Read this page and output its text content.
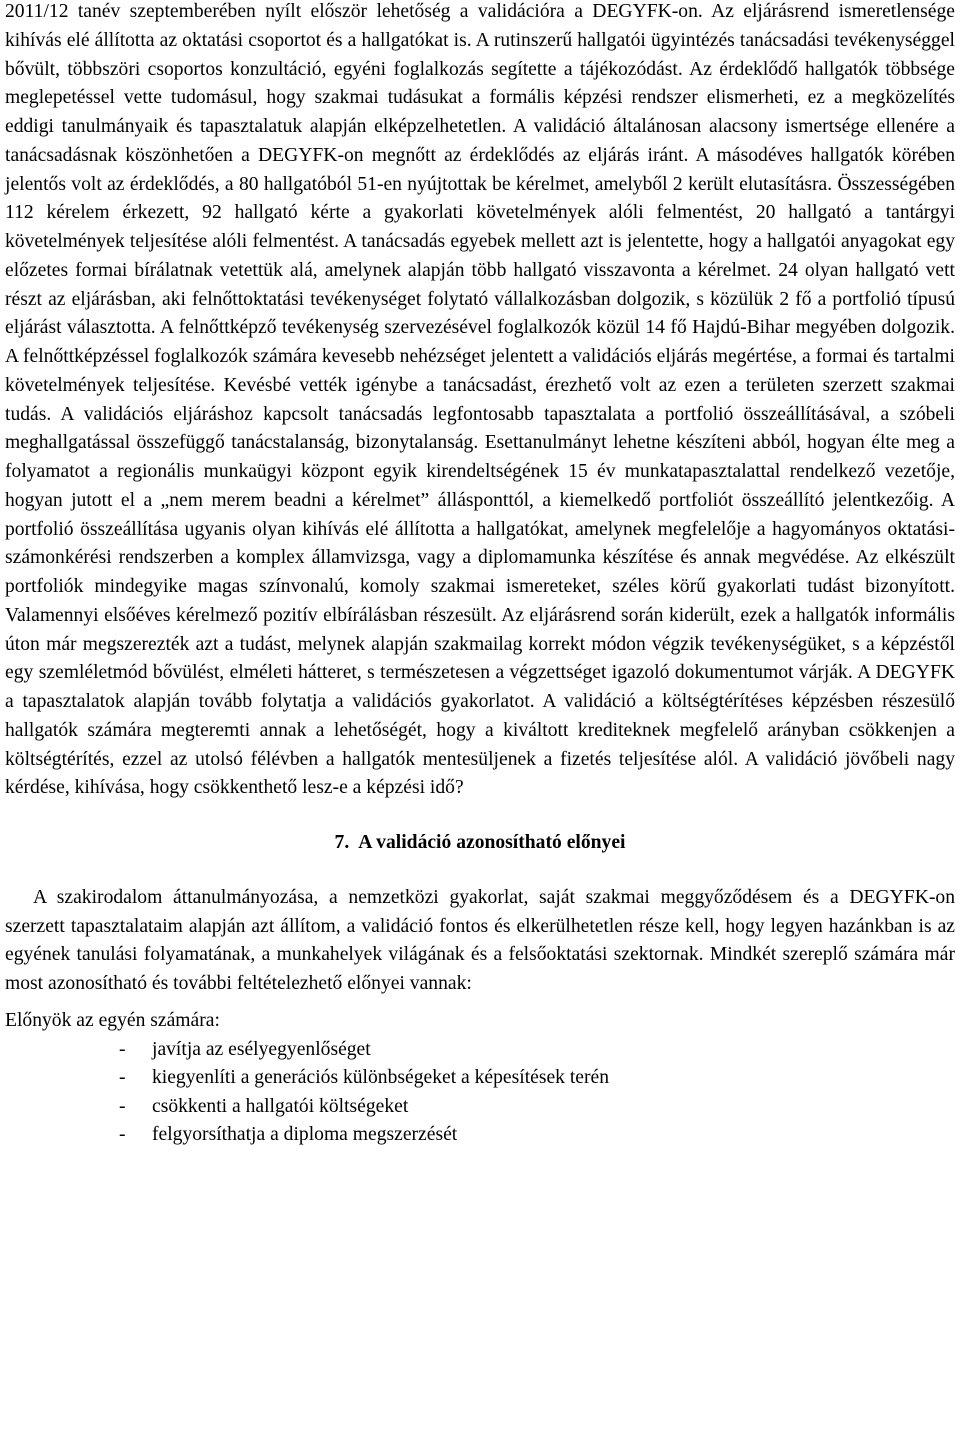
2011/12 tanév szeptemberében nyílt először lehetőség a validációra a DEGYFK-on. Az eljárásrend ismeretlensége kihívás elé állította az oktatási csoportot és a hallgatókat is. A rutinszerű hallgatói ügyintézés tanácsadási tevékenységgel bővült, többszöri csoportos konzultáció, egyéni foglalkozás segítette a tájékozódást. Az érdeklődő hallgatók többsége meglepetéssel vette tudomásul, hogy szakmai tudásukat a formális képzési rendszer elismerheti, ez a megközelítés eddigi tanulmányaik és tapasztalatuk alapján elképzelhetetlen. A validáció általánosan alacsony ismertsége ellenére a tanácsadásnak köszönhetően a DEGYFK-on megnőtt az érdeklődés az eljárás iránt. A másodéves hallgatók körében jelentős volt az érdeklődés, a 80 hallgatóból 51-en nyújtottak be kérelmet, amelyből 2 került elutasításra. Összességében 112 kérelem érkezett, 92 hallgató kérte a gyakorlati követelmények alóli felmentést, 20 hallgató a tantárgyi követelmények teljesítése alóli felmentést. A tanácsadás egyebek mellett azt is jelentette, hogy a hallgatói anyagokat egy előzetes formai bírálatnak vetettük alá, amelynek alapján több hallgató visszavonta a kérelmet. 24 olyan hallgató vett részt az eljárásban, aki felnőttoktatási tevékenységet folytató vállalkozásban dolgozik, s közülük 2 fő a portfolió típusú eljárást választotta. A felnőttképző tevékenység szervezésével foglalkozók közül 14 fő Hajdú-Bihar megyében dolgozik. A felnőttképzéssel foglalkozók számára kevesebb nehézséget jelentett a validációs eljárás megértése, a formai és tartalmi követelmények teljesítése. Kevésbé vették igénybe a tanácsadást, érezhető volt az ezen a területen szerzett szakmai tudás. A validációs eljáráshoz kapcsolt tanácsadás legfontosabb tapasztalata a portfolió összeállításával, a szóbeli meghallgatással összefüggő tanácstalanság, bizonytalanság. Esettanulmányt lehetne készíteni abból, hogyan élte meg a folyamatot a regionális munkaügyi központ egyik kirendeltségének 15 év munkatapasztalattal rendelkező vezetője, hogyan jutott el a „nem merem beadni a kérelmet” állásponttól, a kiemelkedő portfoliót összeállító jelentkezőig. A portfolió összeállítása ugyanis olyan kihívás elé állította a hallgatókat, amelynek megfelelője a hagyományos oktatási-számonkérési rendszerben a komplex államvizsga, vagy a diplomamunka készítése és annak megvédése. Az elkészült portfoliók mindegyike magas színvonalú, komoly szakmai ismereteket, széles körű gyakorlati tudást bizonyított. Valamennyi elsőéves kérelmező pozitív elbírálásban részesült. Az eljárásrend során kiderült, ezek a hallgatók informális úton már megszerezték azt a tudást, melynek alapján szakmailag korrekt módon végzik tevékenységüket, s a képzéstől egy szemléletmód bővülést, elméleti hátteret, s természetesen a végzettséget igazoló dokumentumot várják. A DEGYFK a tapasztalatok alapján tovább folytatja a validációs gyakorlatot. A validáció a költségtérítéses képzésben részesülő hallgatók számára megteremti annak a lehetőségét, hogy a kiváltott krediteknek megfelelő arányban csökkenjen a költségtérítés, ezzel az utolsó félévben a hallgatók mentesüljenek a fizetés teljesítése alól. A validáció jövőbeli nagy kérdése, kihívása, hogy csökkenthető lesz-e a képzési idő?

7. A validáció azonosítható előnyei

A szakirodalom áttanulmányozása, a nemzetközi gyakorlat, saját szakmai meggyőződésem és a DEGYFK-on szerzett tapasztalataim alapján azt állítom, a validáció fontos és elkerülhetetlen része kell, hogy legyen hazánkban is az egyének tanulási folyamatának, a munkahelyek világának és a felsőoktatási szektornak. Mindkét szereplő számára már most azonosítható és további feltételezhető előnyei vannak:

Előnyök az egyén számára:

-	javítja az esélyegyenlőséget
-	kiegyenlíti a generációs különbségeket a képesítések terén
-	csökkenti a hallgatói költségeket
-	felgyorsíthatja a diploma megszerzését
